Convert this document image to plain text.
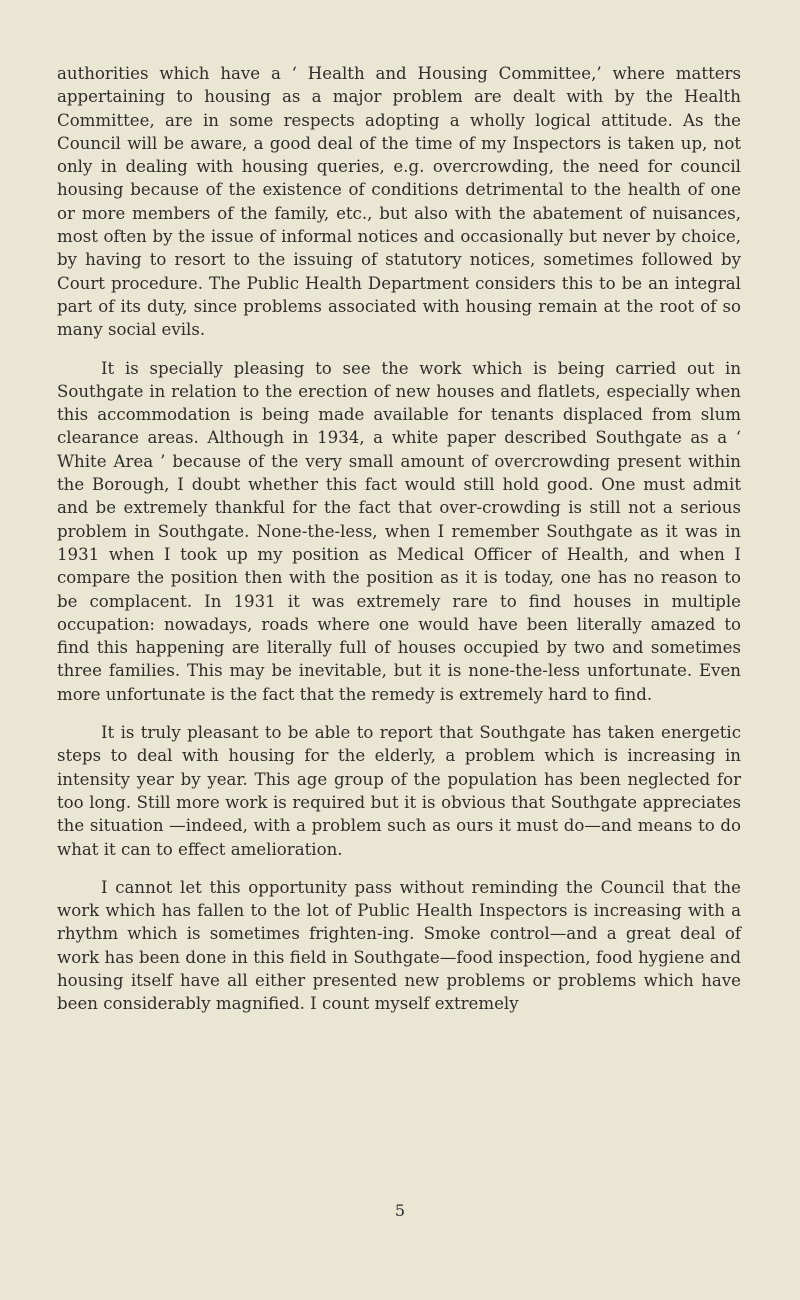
authorities which have a ‘ Health and Housing Committee,’ where matters appertaining to housing as a major problem are dealt with by the Health Committee, are in some respects adopting a wholly logical attitude. As the Council will be aware, a good deal of the time of my Inspectors is taken up, not only in dealing with housing queries, e.g. overcrowding, the need for council housing because of the existence of conditions detrimental to the health of one or more members of the family, etc., but also with the abatement of nuisances, most often by the issue of informal notices and occasionally but never by choice, by having to resort to the issuing of statutory notices, sometimes followed by Court procedure. The Public Health Department considers this to be an integral part of its duty, since problems associated with housing remain at the root of so many social evils.

It is specially pleasing to see the work which is being carried out in Southgate in relation to the erection of new houses and flatlets, especially when this accommodation is being made available for tenants displaced from slum clearance areas. Although in 1934, a white paper described Southgate as a ‘ White Area ’ because of the very small amount of overcrowding present within the Borough, I doubt whether this fact would still hold good. One must admit and be extremely thankful for the fact that over-crowding is still not a serious problem in Southgate. None-the-less, when I remember Southgate as it was in 1931 when I took up my position as Medical Officer of Health, and when I compare the position then with the position as it is today, one has no reason to be complacent. In 1931 it was extremely rare to find houses in multiple occupation: nowadays, roads where one would have been literally amazed to find this happening are literally full of houses occupied by two and sometimes three families. This may be inevitable, but it is none-the-less unfortunate. Even more unfortunate is the fact that the remedy is extremely hard to find.

It is truly pleasant to be able to report that Southgate has taken energetic steps to deal with housing for the elderly, a problem which is increasing in intensity year by year. This age group of the population has been neglected for too long. Still more work is required but it is obvious that Southgate appreciates the situation —indeed, with a problem such as ours it must do—and means to do what it can to effect amelioration.

I cannot let this opportunity pass without reminding the Council that the work which has fallen to the lot of Public Health Inspectors is increasing with a rhythm which is sometimes frighten-ing. Smoke control—and a great deal of work has been done in this field in Southgate—food inspection, food hygiene and housing itself have all either presented new problems or problems which have been considerably magnified. I count myself extremely

5
